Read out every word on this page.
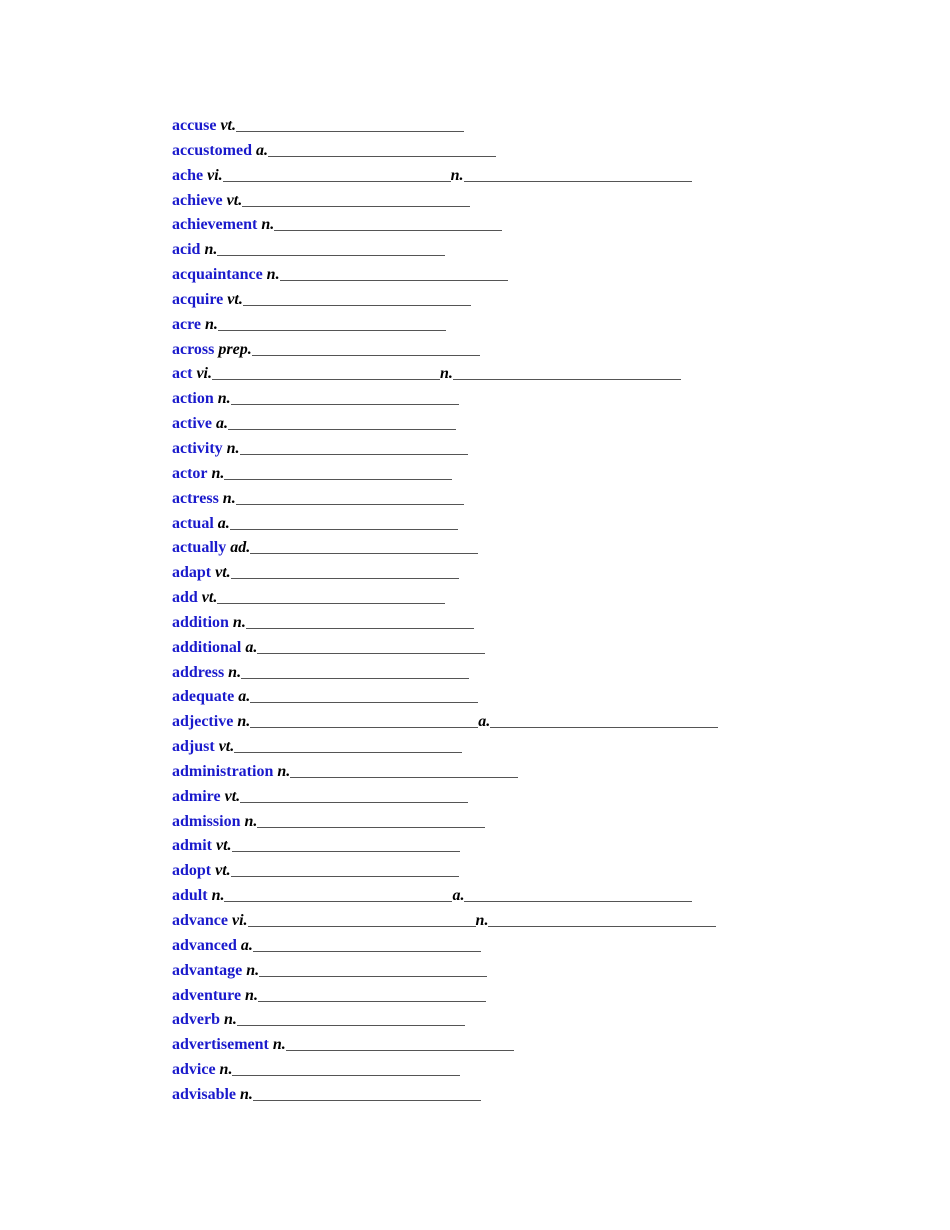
accuse vt.
accustomed a.
ache vi.	n.
achieve vt.
achievement n.
acid n.
acquaintance n.
acquire vt.
acre n.
across prep.
act vi.	n.
action n.
active a.
activity n.
actor n.
actress n.
actual a.
actually ad.
adapt vt.
add vt.
addition n.
additional a.
address n.
adequate a.
adjective n.	a.
adjust vt.
administration n.
admire vt.
admission n.
admit vt.
adopt vt.
adult n.	a.
advance vi.	n.
advanced a.
advantage n.
adventure n.
adverb n.
advertisement n.
advice n.
advisable n.
